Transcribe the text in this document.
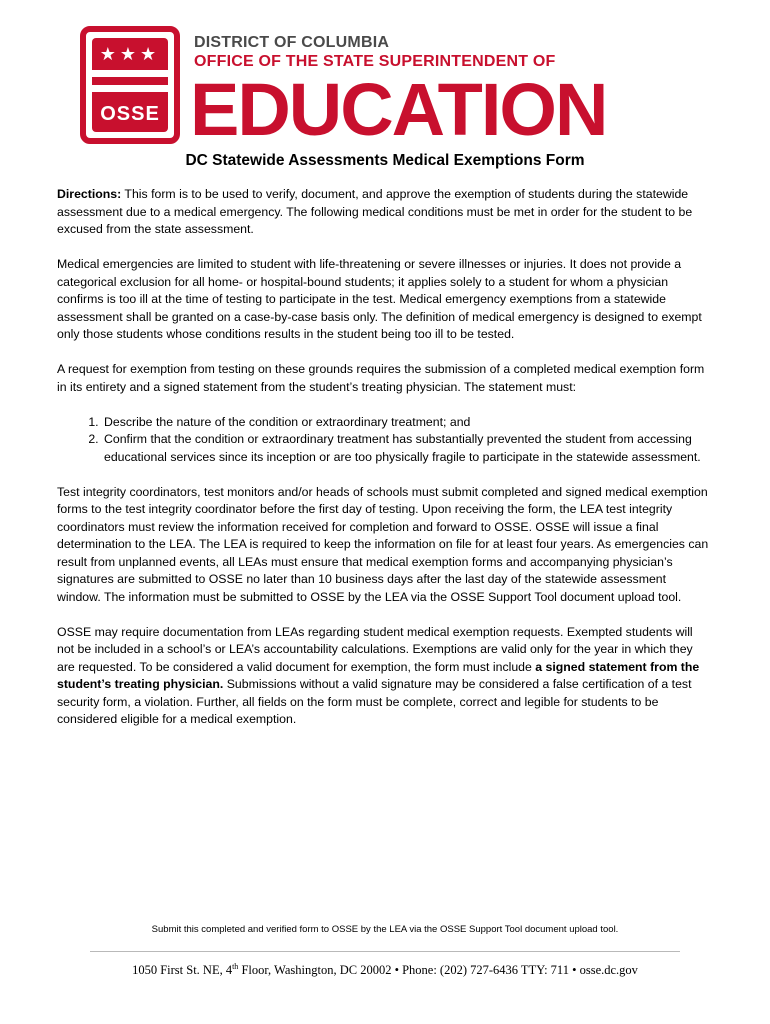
★★★
OSSE
DISTRICT OF COLUMBIA
OFFICE OF THE STATE SUPERINTENDENT OF
EDUCATION
DC Statewide Assessments Medical Exemptions Form

Directions: This form is to be used to verify, document, and approve the exemption of students during the statewide assessment due to a medical emergency. The following medical conditions must be met in order for the student to be excused from the state assessment.

Medical emergencies are limited to student with life-threatening or severe illnesses or injuries. It does not provide a categorical exclusion for all home- or hospital-bound students; it applies solely to a student for whom a physician confirms is too ill at the time of testing to participate in the test. Medical emergency exemptions from a statewide assessment shall be granted on a case-by-case basis only. The definition of medical emergency is designed to exempt only those students whose conditions results in the student being too ill to be tested.

A request for exemption from testing on these grounds requires the submission of a completed medical exemption form in its entirety and a signed statement from the student’s treating physician. The statement must:

1. Describe the nature of the condition or extraordinary treatment; and
2. Confirm that the condition or extraordinary treatment has substantially prevented the student from accessing educational services since its inception or are too physically fragile to participate in the statewide assessment.

Test integrity coordinators, test monitors and/or heads of schools must submit completed and signed medical exemption forms to the test integrity coordinator before the first day of testing. Upon receiving the form, the LEA test integrity coordinators must review the information received for completion and forward to OSSE. OSSE will issue a final determination to the LEA. The LEA is required to keep the information on file for at least four years. As emergencies can result from unplanned events, all LEAs must ensure that medical exemption forms and accompanying physician’s signatures are submitted to OSSE no later than 10 business days after the last day of the statewide assessment window. The information must be submitted to OSSE by the LEA via the OSSE Support Tool document upload tool.

OSSE may require documentation from LEAs regarding student medical exemption requests. Exempted students will not be included in a school’s or LEA’s accountability calculations. Exemptions are valid only for the year in which they are requested. To be considered a valid document for exemption, the form must include a signed statement from the student’s treating physician. Submissions without a valid signature may be considered a false certification of a test security form, a violation. Further, all fields on the form must be complete, correct and legible for students to be considered eligible for a medical exemption.

Submit this completed and verified form to OSSE by the LEA via the OSSE Support Tool document upload tool.
1050 First St. NE, 4th Floor, Washington, DC 20002 • Phone: (202) 727-6436 TTY: 711 • osse.dc.gov
